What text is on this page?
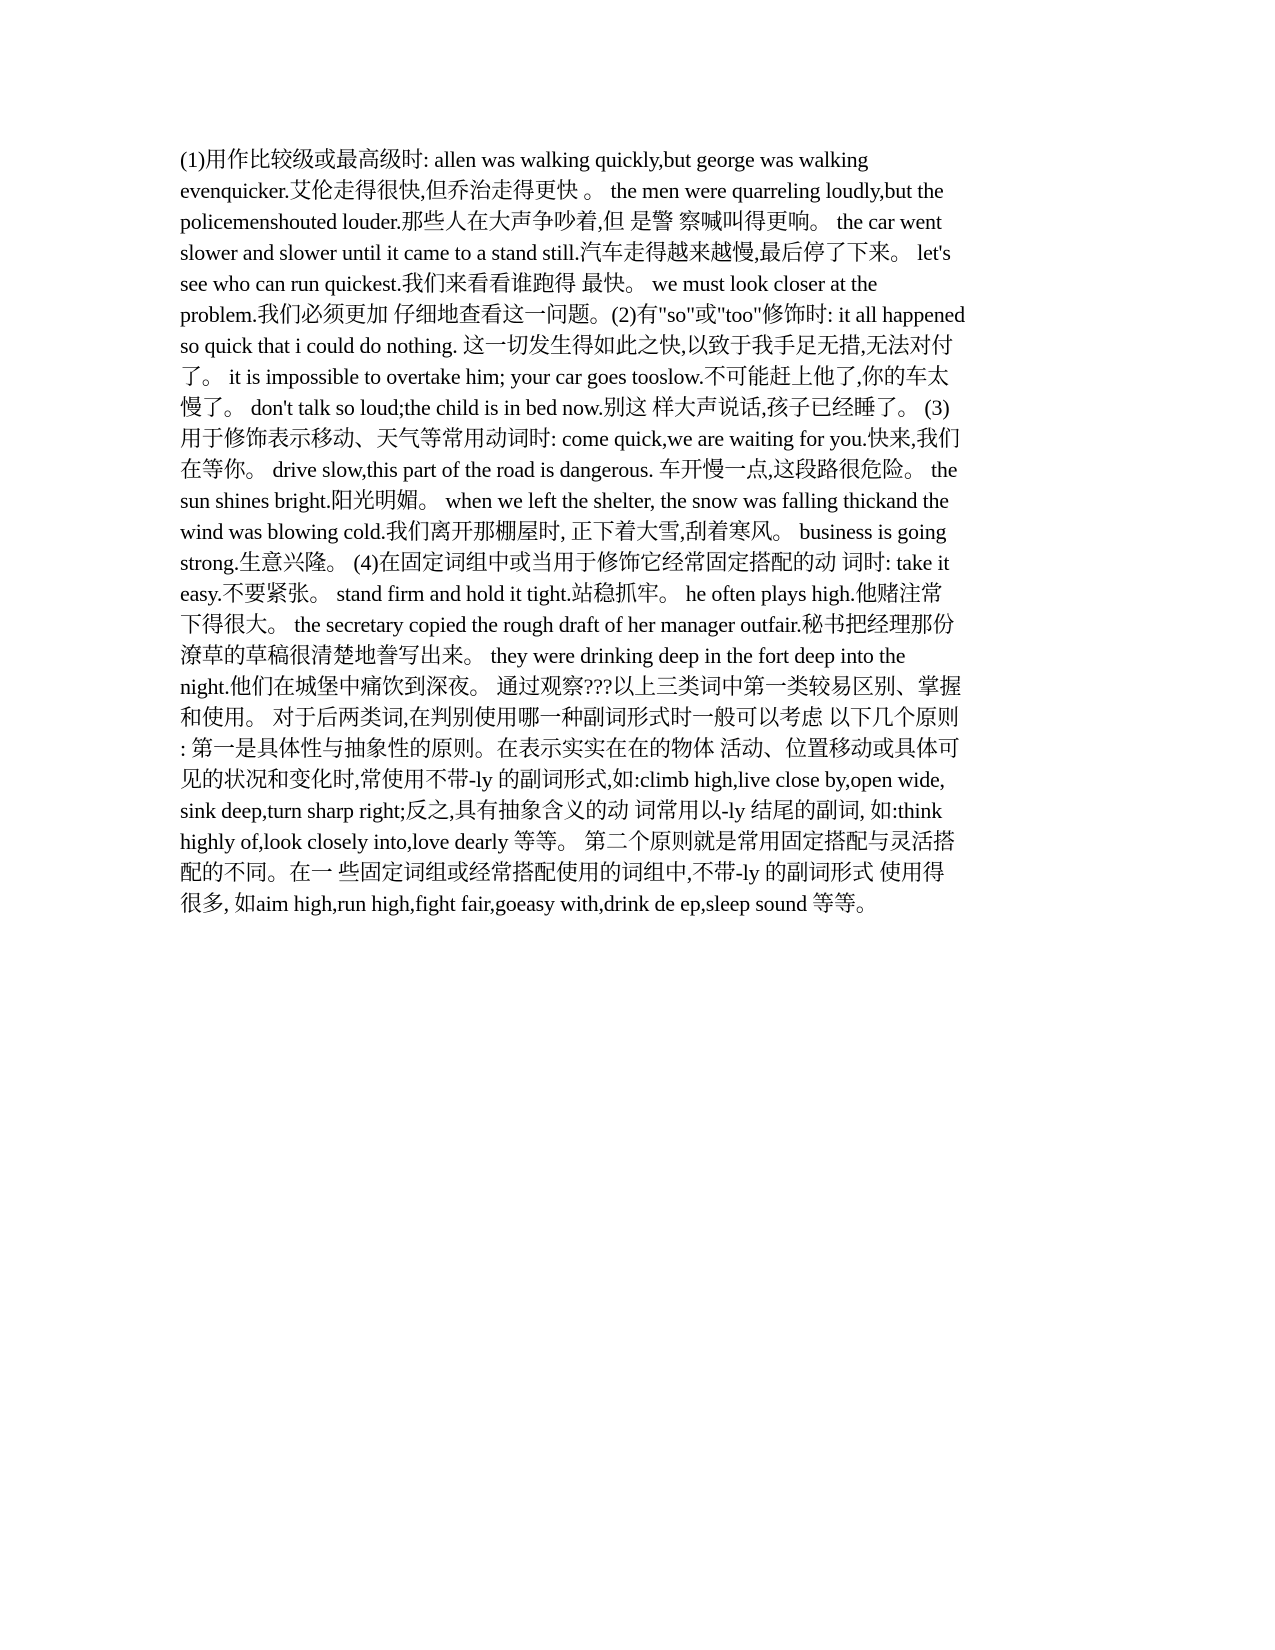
(1)用作比较级或最高级时: allen was walking quickly,but george was walking
evenquicker.艾伦走得很快,但乔治走得更快 。 the men were quarreling loudly,but the
policemenshouted louder.那些人在大声争吵着,但 是警 察喊叫得更响。 the car went
slower and slower until it came to a stand still.汽车走得越来越慢,最后停了下来。 let's
see who can run quickest.我们来看看谁跑得 最快。 we must look closer at the
problem.我们必须更加 仔细地查看这一问题。(2)有"so"或"too"修饰时: it all happened
so quick that i could do nothing. 这一切发生得如此之快,以致于我手足无措,无法对付
了。 it is impossible to overtake him; your car goes tooslow.不可能赶上他了,你的车太
慢了。 don't talk so loud;the child is in bed now.别这 样大声说话,孩子已经睡了。 (3)
用于修饰表示移动、天气等常用动词时: come quick,we are waiting for you.快来,我们
在等你。 drive slow,this part of the road is dangerous. 车开慢一点,这段路很危险。 the
sun shines bright.阳光明媚。 when we left the shelter, the snow was falling thickand the
wind was blowing cold.我们离开那棚屋时, 正下着大雪,刮着寒风。 business is going
strong.生意兴隆。 (4)在固定词组中或当用于修饰它经常固定搭配的动 词时: take it
easy.不要紧张。 stand firm and hold it tight.站稳抓牢。 he often plays high.他赌注常
下得很大。 the secretary copied the rough draft of her manager outfair.秘书把经理那份
潦草的草稿很清楚地誊写出来。 they were drinking deep in the fort deep into the
night.他们在城堡中痛饮到深夜。 通过观察???以上三类词中第一类较易区别、掌握
和使用。 对于后两类词,在判别使用哪一种副词形式时一般可以考虑 以下几个原则
: 第一是具体性与抽象性的原则。在表示实实在在的物体 活动、位置移动或具体可
见的状况和变化时,常使用不带-ly 的副词形式,如:climb high,live close by,open wide,
sink deep,turn sharp right;反之,具有抽象含义的动 词常用以-ly 结尾的副词, 如:think
highly of,look closely into,love dearly 等等。 第二个原则就是常用固定搭配与灵活搭
配的不同。在一 些固定词组或经常搭配使用的词组中,不带-ly 的副词形式 使用得
很多, 如aim high,run high,fight fair,goeasy with,drink de ep,sleep sound 等等。
